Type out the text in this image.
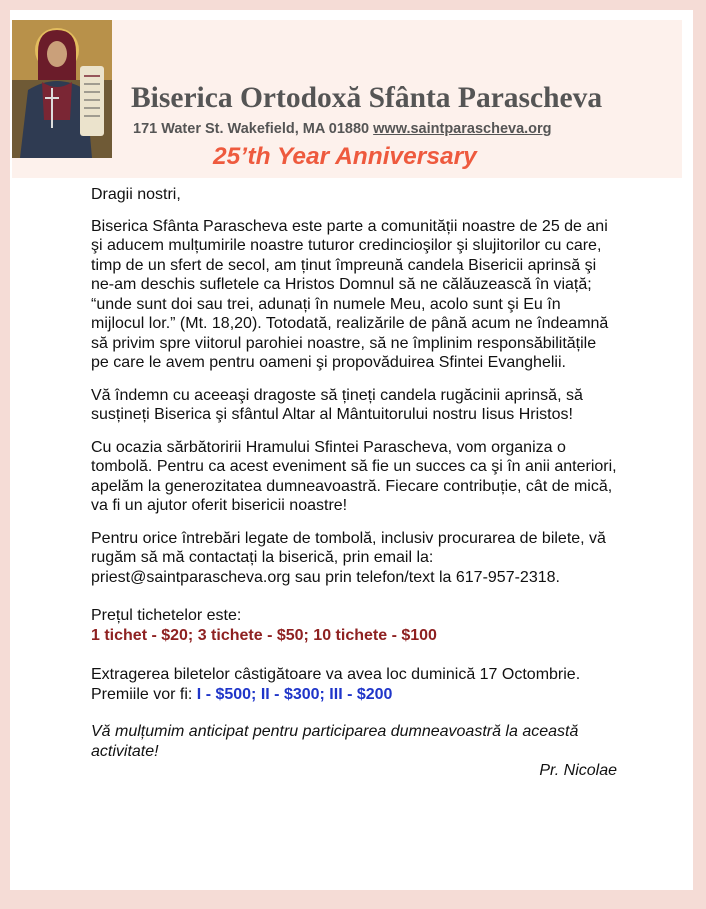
Biserica Ortodoxă Sfânta Parascheva
171 Water St. Wakefield, MA 01880 www.saintparascheva.org
25’th Year Anniversary

Dragii nostri,

Biserica Sfânta Parascheva este parte a comunității noastre de 25 de ani şi aducem mulțumirile noastre tuturor credincioşilor şi slujitorilor cu care, timp de un sfert de secol, am ținut împreună candela Bisericii aprinsă şi ne-am deschis sufletele ca Hristos Domnul să ne călăuzească în viață; “unde sunt doi sau trei, adunați în numele Meu, acolo sunt şi Eu în mijlocul lor.” (Mt. 18,20). Totodată, realizările de până acum ne îndeamnă să privim spre viitorul parohiei noastre, să ne împlinim responsăbilitățile pe care le avem pentru oameni şi propovăduirea Sfintei Evanghelii.

Vă îndemn cu aceeaşi dragoste să țineți candela rugăcinii aprinsă, să susțineți Biserica şi sfântul Altar al Mântuitorului nostru Iisus Hristos!

Cu ocazia sărbătoririi Hramului Sfintei Parascheva, vom organiza o tombolă. Pentru ca acest eveniment să fie un succes ca şi în anii anteriori, apelăm la generozitatea dumneavoastră. Fiecare contribuție, cât de mică, va fi un ajutor oferit bisericii noastre!

Pentru orice întrebări legate de tombolă, inclusiv procurarea de bilete, vă rugăm să mă contactați la biserică, prin email la: priest@saintparascheva.org sau prin telefon/text la 617-957-2318.

Prețul tichetelor este:

1 tichet - $20; 3 tichete - $50; 10 tichete - $100

Extragerea biletelor câstigătoare va avea loc duminică 17 Octombrie.

Premiile vor fi: I - $500; II - $300; III - $200

Vă mulțumim anticipat pentru participarea dumneavoastră la această activitate!

Pr. Nicolae
